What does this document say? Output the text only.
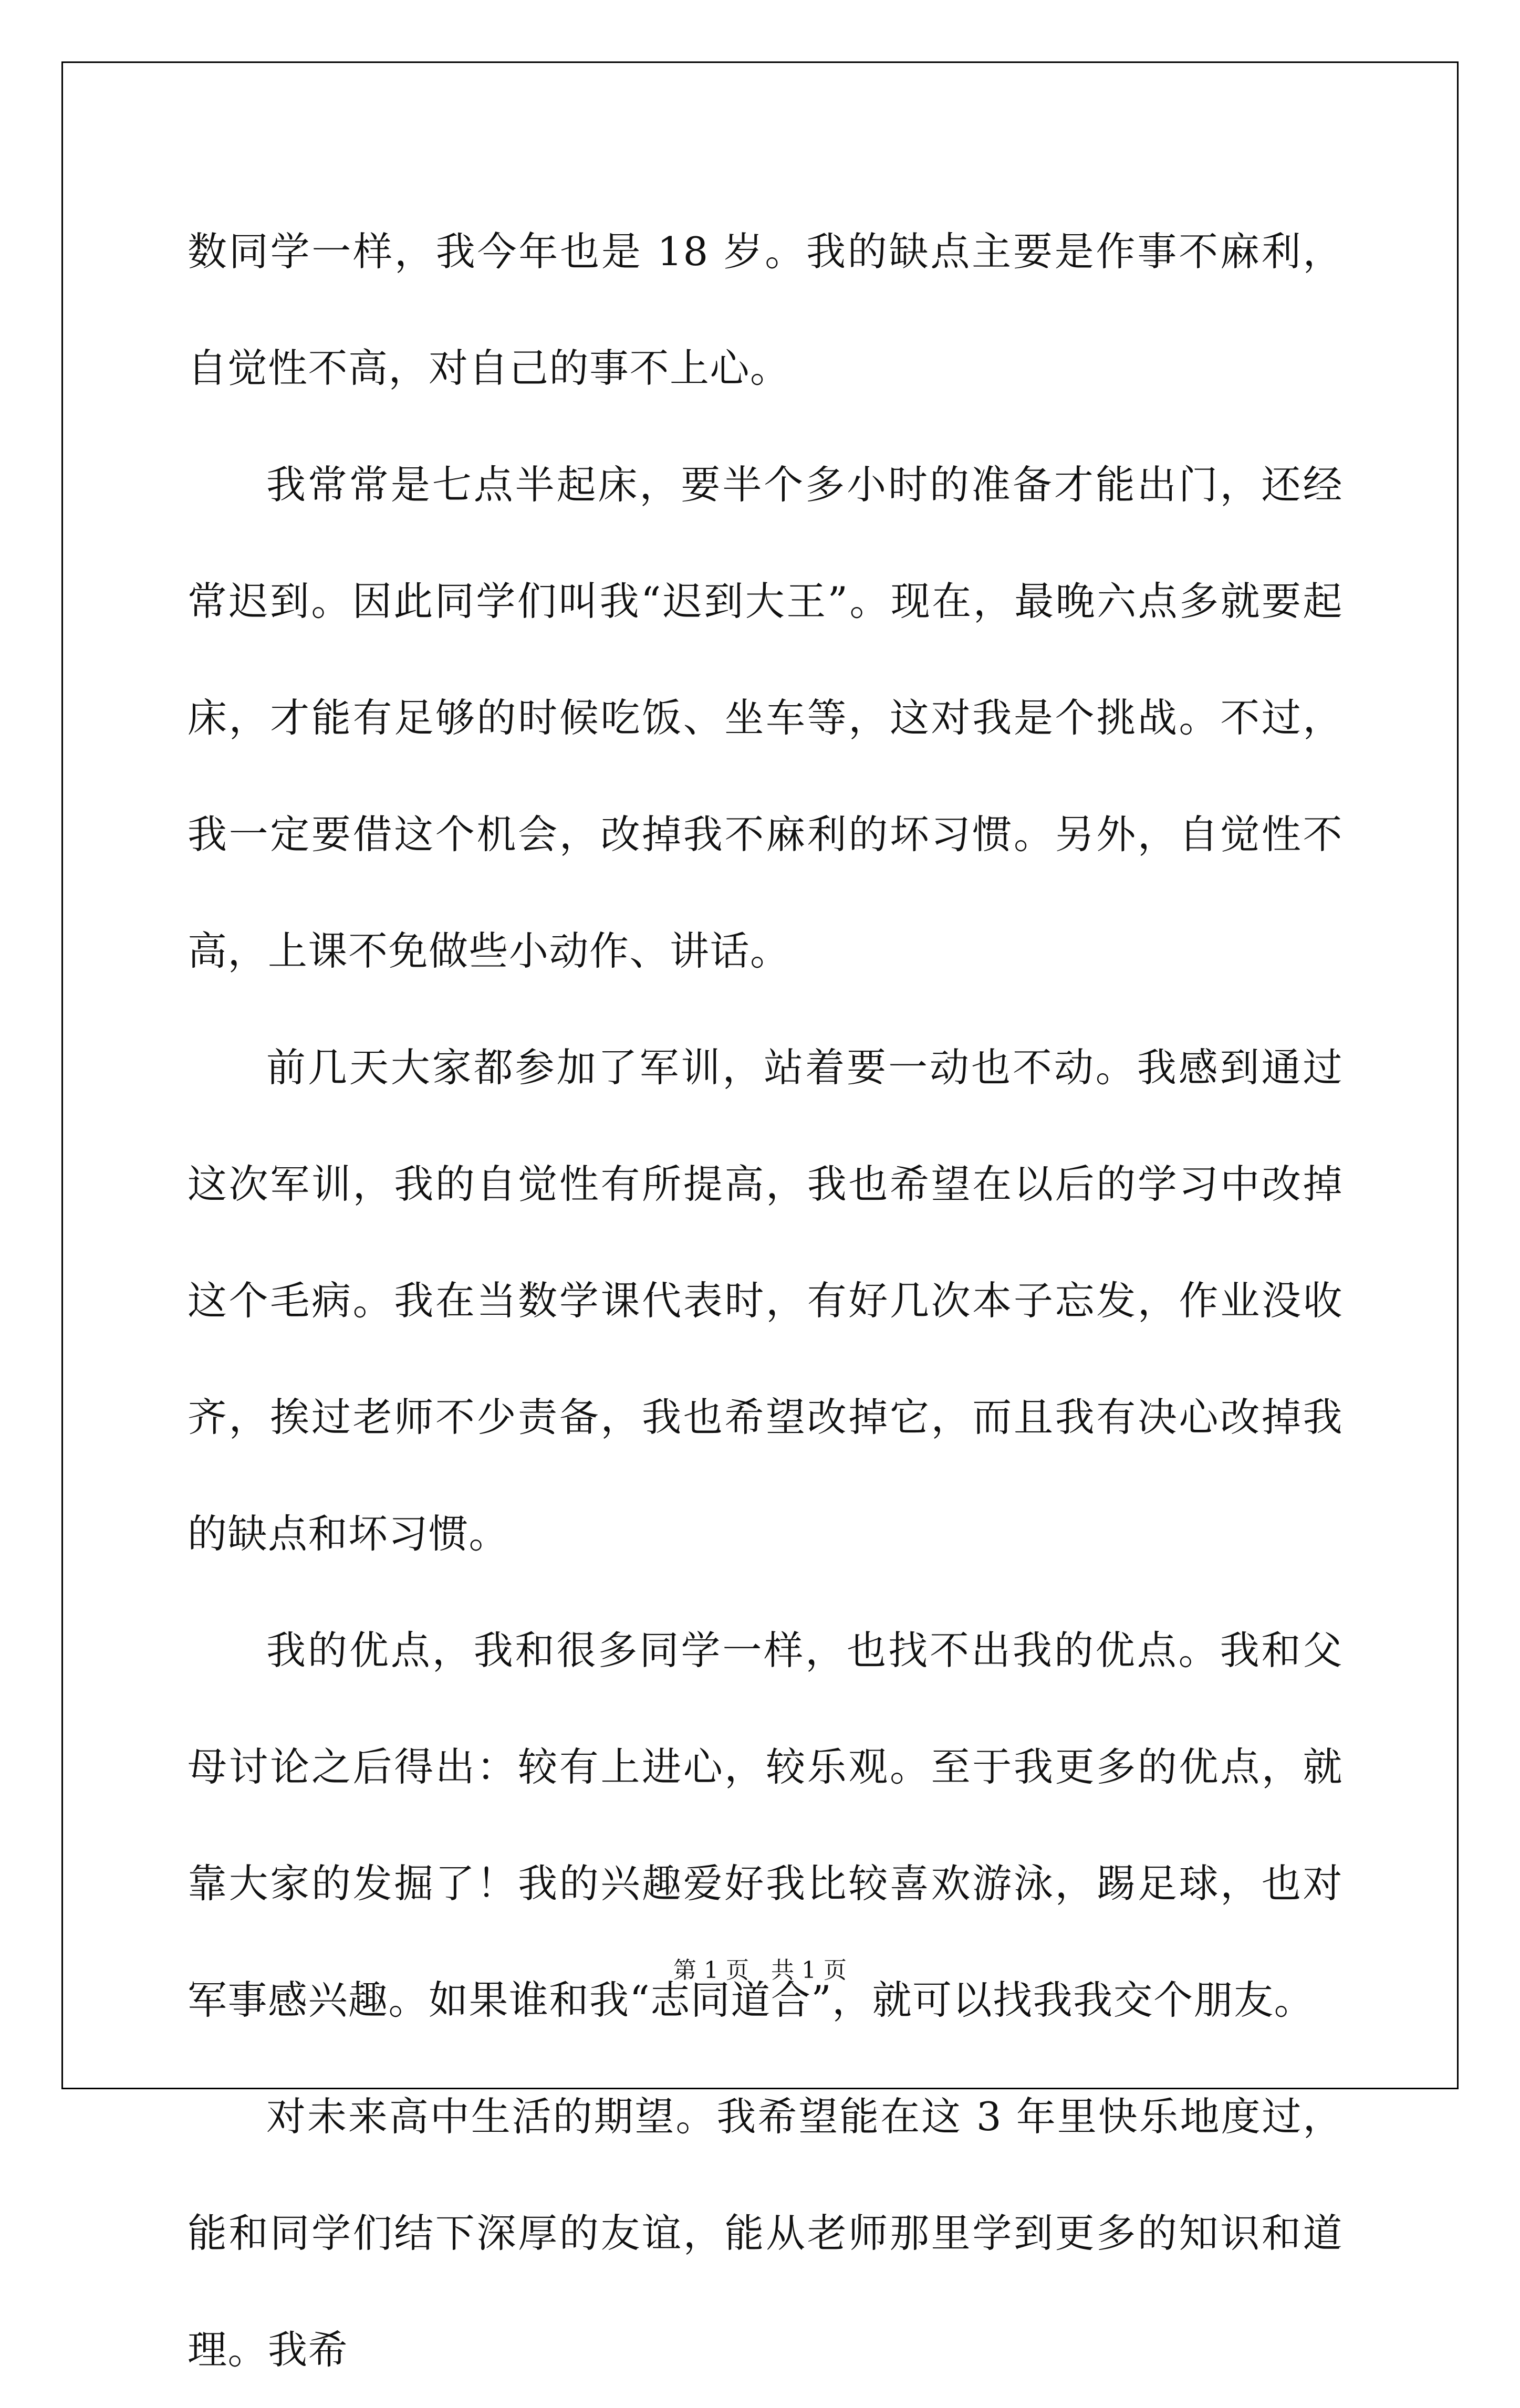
数同学一样，我今年也是 18 岁。我的缺点主要是作事不麻利，自觉性不高，对自己的事不上心。

我常常是七点半起床，要半个多小时的准备才能出门，还经常迟到。因此同学们叫我“迟到大王”。现在，最晚六点多就要起床，才能有足够的时候吃饭、坐车等，这对我是个挑战。不过，我一定要借这个机会，改掉我不麻利的坏习惯。另外，自觉性不高，上课不免做些小动作、讲话。

前几天大家都参加了军训，站着要一动也不动。我感到通过这次军训，我的自觉性有所提高，我也希望在以后的学习中改掉这个毛病。我在当数学课代表时，有好几次本子忘发，作业没收齐，挨过老师不少责备，我也希望改掉它，而且我有决心改掉我的缺点和坏习惯。

我的优点，我和很多同学一样，也找不出我的优点。我和父母讨论之后得出：较有上进心，较乐观。至于我更多的优点，就靠大家的发掘了！我的兴趣爱好我比较喜欢游泳，踢足球，也对军事感兴趣。如果谁和我“志同道合”，就可以找我我交个朋友。

对未来高中生活的期望。我希望能在这 3 年里快乐地度过，能和同学们结下深厚的友谊，能从老师那里学到更多的知识和道理。我希

第 1 页   共 1 页
